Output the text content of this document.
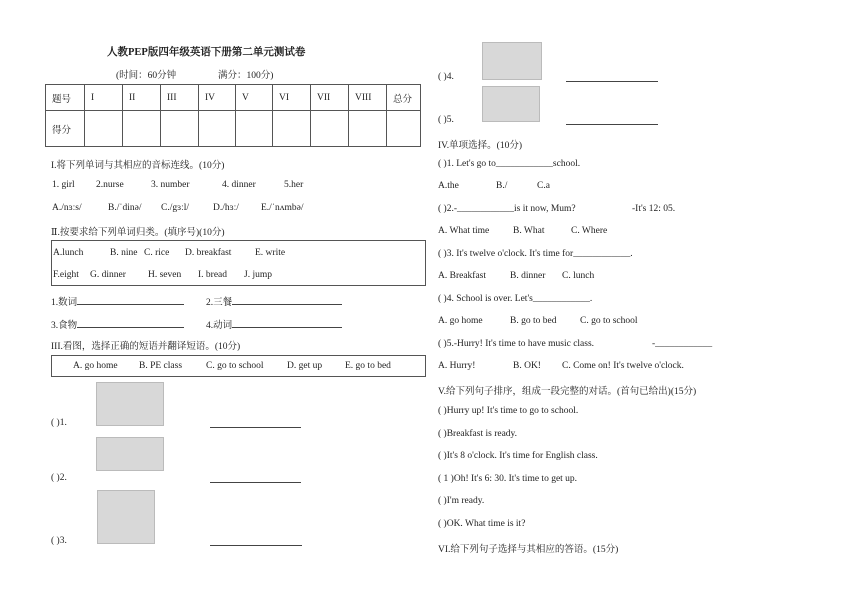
人教PEP版四年级英语下册第二单元测试卷
(时间：60分钟	满分：100分)
题号	I	II	III	IV	V	VI	VII	VIII	总分
得分									
I.将下列单词与其相应的音标连线。(10分)
1. girl 2.nurse	3. number	4. dinner	5.her
A./nɜːs/	B./ˈdinə/ C./gɜːl/	D./hɜː/ E./ˈnʌmbə/
Ⅱ.按要求给下列单词归类。(填序号)(10分)
A.lunch	B. nine C. rice D. breakfast E. write
F.eight G. dinner H. seven I. bread J. jump
1.数词	2.三餐
3.食物	4.动词
III.看图，选择正确的短语并翻译短语。(10分)
A. go home B. PE class	C. go to school D. get up E. go to bed
( )1.
( )2.
( )3.
( )4.
( )5.
IV.单项选择。(10分)
( )1. Let's go to____________school.
A.the	B./	C.a
( )2.-____________is it now, Mum?	-It's 12: 05.
A. What time B. What	C. Where
( )3. It's twelve o'clock. It's time for____________.
A. Breakfast	B. dinner C. lunch
( )4. School is over. Let's____________.
A. go home	B. go to bed C. go to school
( )5.-Hurry! It's time to have music class.	-____________
A. Hurry!	B. OK! C. Come on! It's twelve o'clock.
V.给下列句子排序，组成一段完整的对话。(首句已给出)(15分)
( )Hurry up! It's time to go to school.
( )Breakfast is ready.
( )It's 8 o'clock. It's time for English class.
( 1 )Oh! It's 6: 30. It's time to get up.
( )I'm ready.
( )OK. What time is it?
VI.给下列句子选择与其相应的答语。(15分)
